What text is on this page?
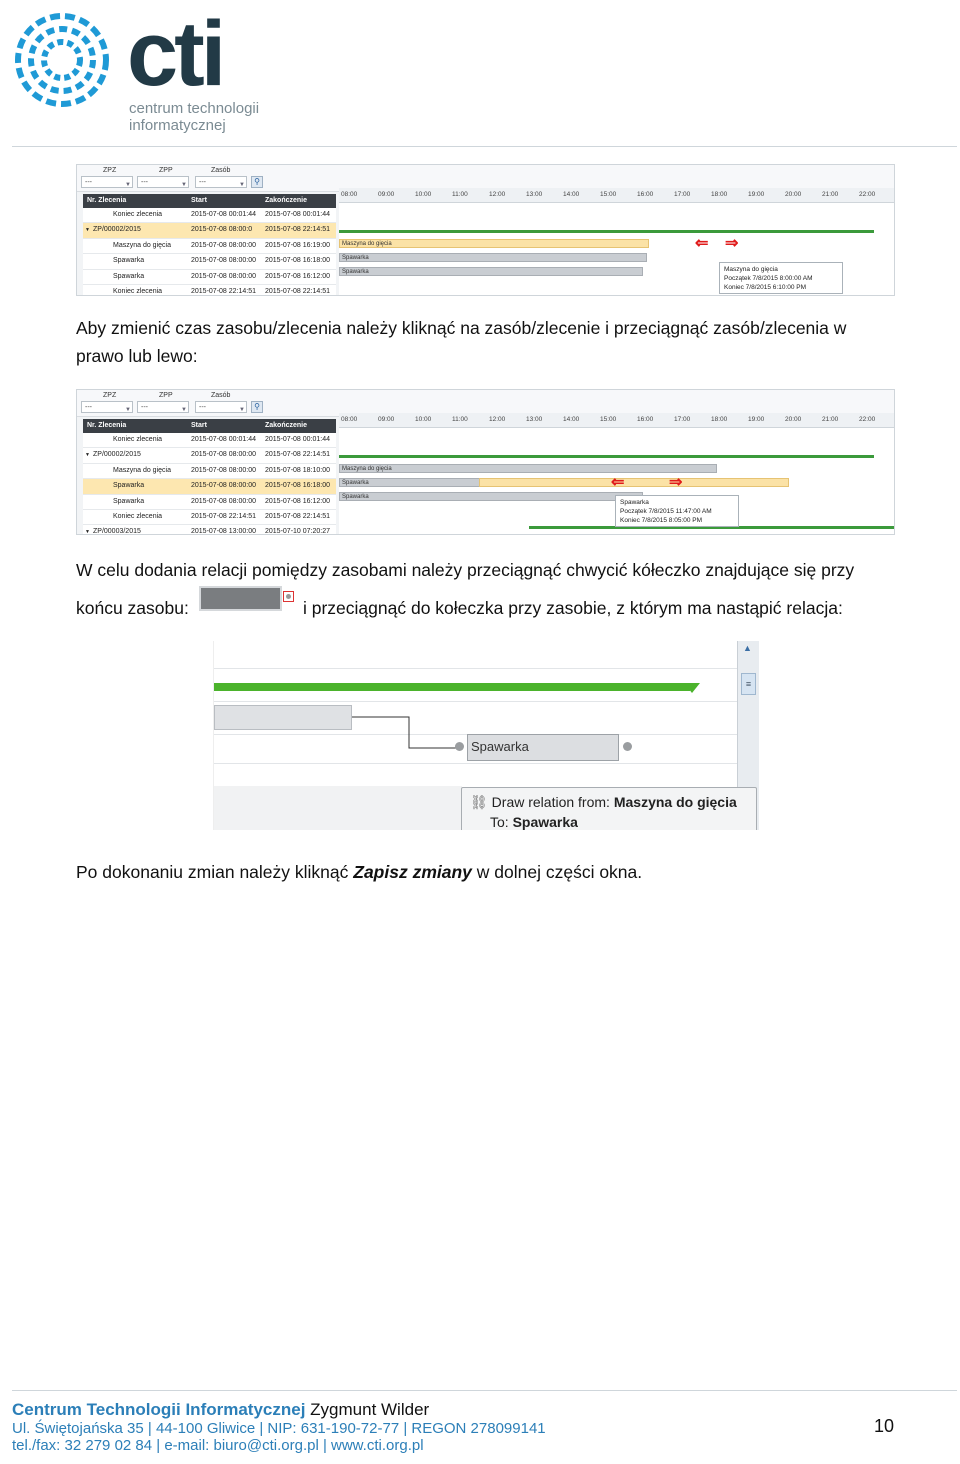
cti
centrum technologii
informatycznej
ZPZ	ZPP	Zasób
---	▼	---	▼	---	▼	⚲
Nr. Zlecenia	Start	Zakończenie
Koniec zlecenia	2015-07-08 00:01:44 2015-07-08 00:01:44
▼ ZP/00002/2015	2015-07-08 08:00:0 2015-07-08 22:14:51
Maszyna do gięcia	2015-07-08 08:00:00 2015-07-08 16:19:00
Spawarka	2015-07-08 08:00:00 2015-07-08 16:18:00
Spawarka	2015-07-08 08:00:00 2015-07-08 16:12:00
Koniec zlecenia	2015-07-08 22:14:51 2015-07-08 22:14:51
08:00	09:00	10:00	11:00	12:00	13:00	14:00	15:00	16:00	17:00	18:00	19:00	20:00	21:00	22:00
Maszyna do gięcia
Spawarka
Spawarka
⇐ ⇒
Maszyna do gięcia
Początek 7/8/2015 8:00:00 AM
Koniec 7/8/2015 6:10:00 PM
Aby zmienić czas zasobu/zlecenia należy kliknąć na zasób/zlecenie i przeciągnąć zasób/zlecenia w prawo lub lewo:
ZPZ	ZPP	Zasób
---	▼	---	▼	---	▼	⚲
Nr. Zlecenia	Start	Zakończenie
Koniec zlecenia	2015-07-08 00:01:44 2015-07-08 00:01:44
▼ ZP/00002/2015	2015-07-08 08:00:00 2015-07-08 22:14:51
Maszyna do gięcia	2015-07-08 08:00:00 2015-07-08 18:10:00
Spawarka	2015-07-08 08:00:00 2015-07-08 16:18:00
Spawarka	2015-07-08 08:00:00 2015-07-08 16:12:00
Koniec zlecenia	2015-07-08 22:14:51 2015-07-08 22:14:51
▼ ZP/00003/2015	2015-07-08 13:00:00 2015-07-10 07:20:27
08:00	09:00	10:00	11:00	12:00	13:00	14:00	15:00	16:00	17:00	18:00	19:00	20:00	21:00	22:00
Maszyna do gięcia
Spawarka
Spawarka
⇐	⇒
Spawarka
Początek 7/8/2015 11:47:00 AM
Koniec 7/8/2015 8:05:00 PM
W celu dodania relacji pomiędzy zasobami należy przeciągnąć chwycić kółeczko znajdujące się przy
końcu zasobu:	i przeciągnąć do kołeczka przy zasobie, z którym ma nastąpić relacja:
Spawarka
▲
≡
⛓ Draw relation from: Maszyna do gięcia
To: Spawarka
Po dokonaniu zmian należy kliknąć Zapisz zmiany w dolnej części okna.
Centrum Technologii Informatycznej Zygmunt Wilder
Ul. Świętojańska 35 | 44-100 Gliwice | NIP: 631-190-72-77 | REGON 278099141
tel./fax: 32 279 02 84 | e-mail: biuro@cti.org.pl | www.cti.org.pl
10
